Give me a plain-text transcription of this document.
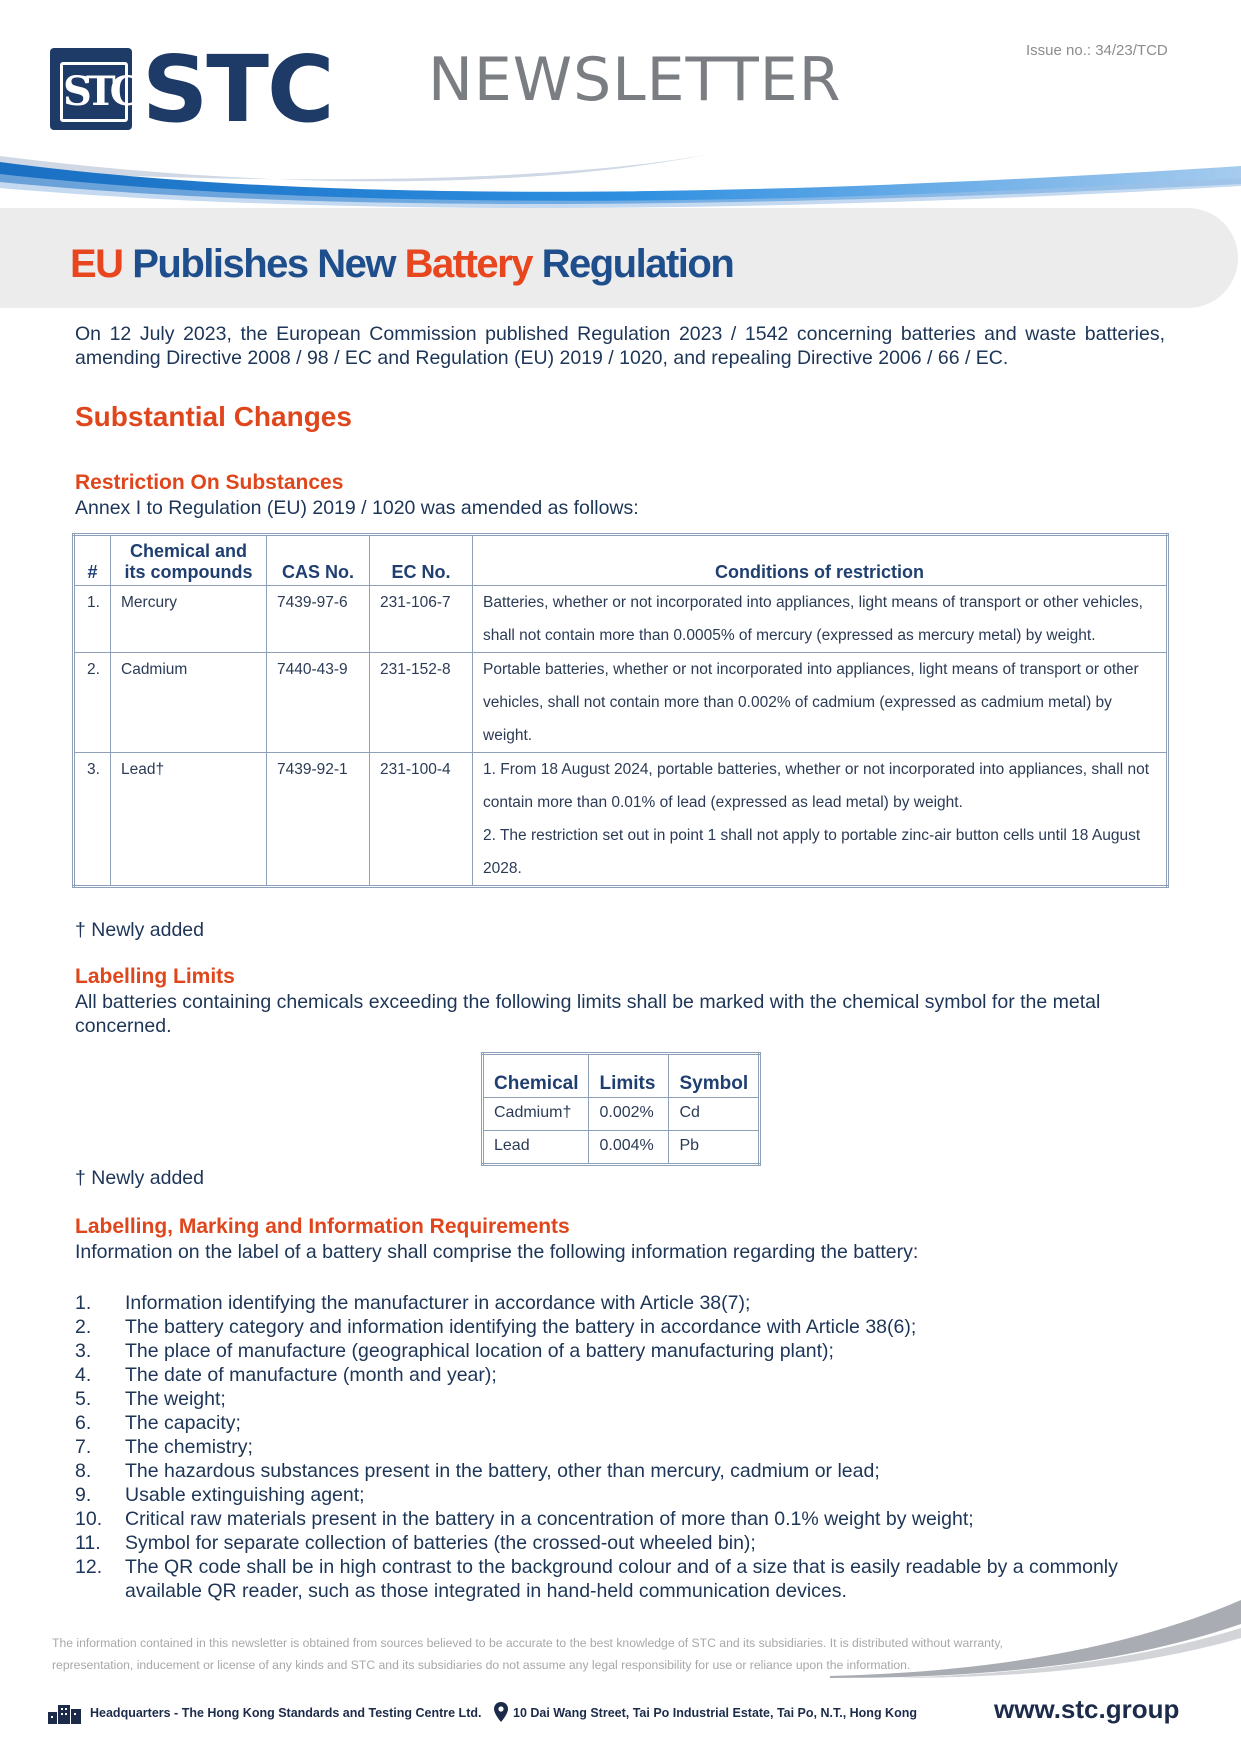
STC STC NEWSLETTER	Issue no.: 34/23/TCD
EU Publishes New Battery Regulation
On 12 July 2023, the European Commission published Regulation 2023 / 1542 concerning batteries and waste batteries, amending Directive 2008 / 98 / EC and Regulation (EU) 2019 / 1020, and repealing Directive 2006 / 66 / EC.
Substantial Changes
Restriction On Substances
Annex I to Regulation (EU) 2019 / 1020 was amended as follows:
#	Chemical and its compounds	CAS No.	EC No.	Conditions of restriction
1.	Mercury	7439-97-6	231-106-7	Batteries, whether or not incorporated into appliances, light means of transport or other vehicles, shall not contain more than 0.0005% of mercury (expressed as mercury metal) by weight.

2.	Cadmium	7440-43-9	231-152-8	Portable batteries, whether or not incorporated into appliances, light means of transport or other vehicles, shall not contain more than 0.002% of cadmium (expressed as cadmium metal) by weight.

3.	Lead†	7439-92-1	231-100-4	1. From 18 August 2024, portable batteries, whether or not incorporated into appliances, shall not contain more than 0.01% of lead (expressed as lead metal) by weight.
2. The restriction set out in point 1 shall not apply to portable zinc-air button cells until 18 August 2028.
† Newly added
Labelling Limits
All batteries containing chemicals exceeding the following limits shall be marked with the chemical symbol for the metal concerned.
Chemical	Limits	Symbol
Cadmium†	0.002%	Cd
Lead	0.004%	Pb
† Newly added
Labelling, Marking and Information Requirements
Information on the label of a battery shall comprise the following information regarding the battery:
1. Information identifying the manufacturer in accordance with Article 38(7);
2. The battery category and information identifying the battery in accordance with Article 38(6);
3. The place of manufacture (geographical location of a battery manufacturing plant);
4. The date of manufacture (month and year);
5. The weight;
6. The capacity;
7. The chemistry;
8. The hazardous substances present in the battery, other than mercury, cadmium or lead;
9. Usable extinguishing agent;
10. Critical raw materials present in the battery in a concentration of more than 0.1% weight by weight;
11. Symbol for separate collection of batteries (the crossed-out wheeled bin);
12. The QR code shall be in high contrast to the background colour and of a size that is easily readable by a commonly available QR reader, such as those integrated in hand-held communication devices.
The information contained in this newsletter is obtained from sources believed to be accurate to the best knowledge of STC and its subsidiaries. It is distributed without warranty, representation, inducement or license of any kinds and STC and its subsidiaries do not assume any legal responsibility for use or reliance upon the information.
Headquarters - The Hong Kong Standards and Testing Centre Ltd.	10 Dai Wang Street, Tai Po Industrial Estate, Tai Po, N.T., Hong Kong	www.stc.group
